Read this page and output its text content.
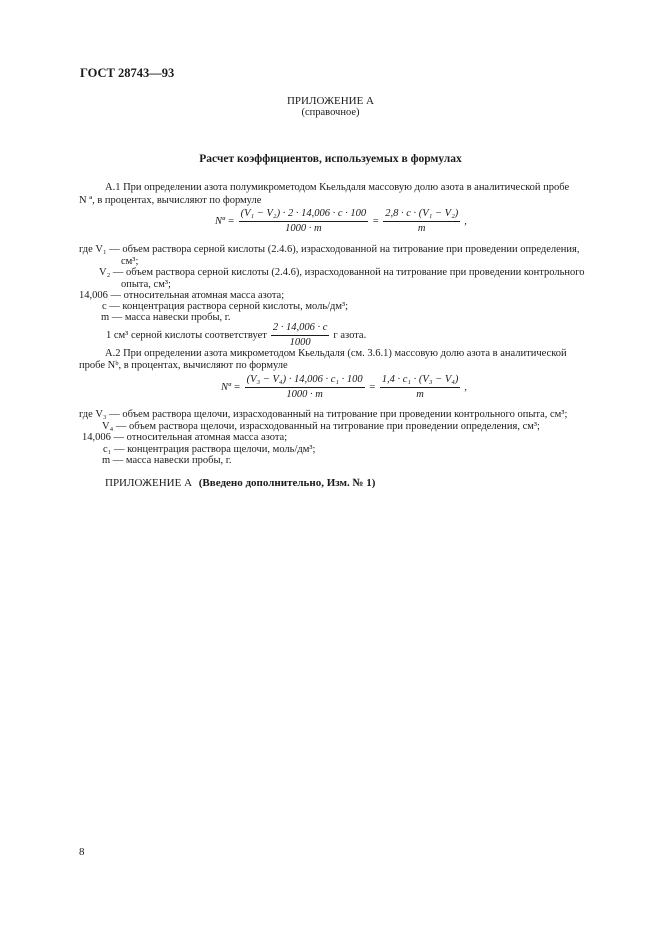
ГОСТ 28743—93
ПРИЛОЖЕНИЕ А
(справочное)
Расчет коэффициентов, используемых в формулах
А.1 При определении азота полумикрометодом Кьельдаля массовую долю азота в аналитической пробе
N ª, в процентах, вычисляют по формуле
Nª = $\frac{\text{(V₁ − V₂) · 2 · 14,006 · c · 100}}{1000 \cdot m} = \frac{\text{2,8 · c · (V₁ − V₂)}}{m}$ ,
где V₁ — объем раствора серной кислоты (2.4.6), израсходованной на титрование при проведении определения,
см³;
V₂ — объем раствора серной кислоты (2.4.6), израсходованной на титрование при проведении контрольного
опыта, см³;
14,006 — относительная атомная масса азота;
c — концентрация раствора серной кислоты, моль/дм³;
m — масса навески пробы, г.
1 см³ серной кислоты соответствует $\frac{2 \cdot 14,006 \cdot c}{1000}$ г азота.
А.2 При определении азота микрометодом Кьельдаля (см. 3.6.1) массовую долю азота в аналитической
пробе Nᵇ, в процентах, вычисляют по формуле
Nª = $\frac{\text{(V₃ − V₄) · 14,006 · c₁ · 100}}{1000 \cdot m} = \frac{\text{1,4 · c₁ · (V₃ − V₄)}}{m}$ ,
где V₃ — объем раствора щелочи, израсходованный на титрование при проведении контрольного опыта, см³;
V₄ — объем раствора щелочи, израсходованный на титрование при проведении определения, см³;
14,006 — относительная атомная масса азота;
c₁ — концентрация раствора щелочи, моль/дм³;
m — масса навески пробы, г.
ПРИЛОЖЕНИЕ А (Введено дополнительно, Изм. № 1)
8
